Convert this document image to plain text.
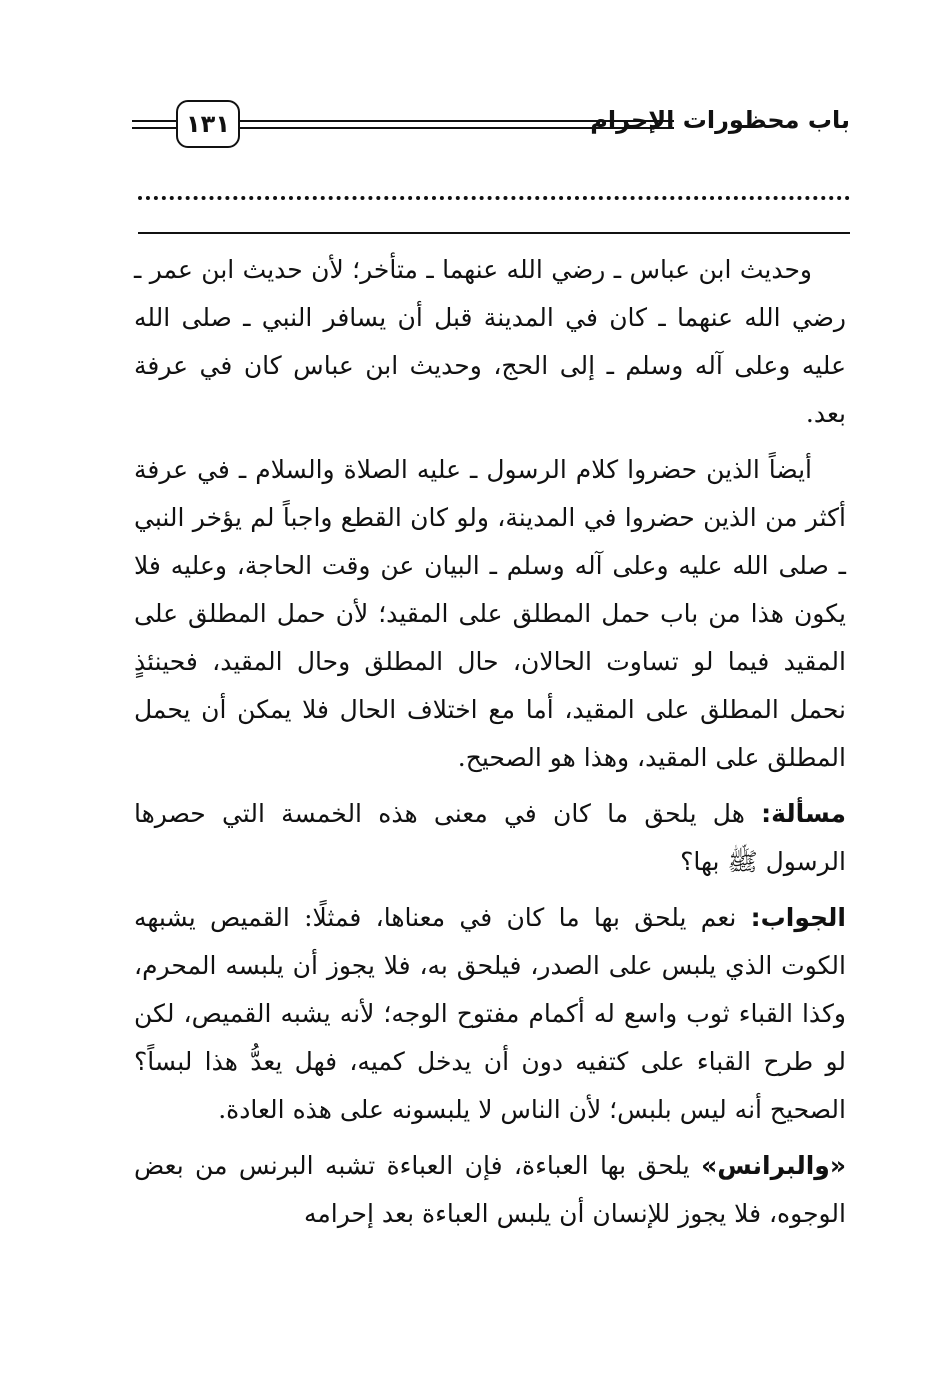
١٣١	باب محظورات الإحرام

وحديث ابن عباس ـ رضي الله عنهما ـ متأخر؛ لأن حديث ابن عمر ـ رضي الله عنهما ـ كان في المدينة قبل أن يسافر النبي ـ صلى الله عليه وعلى آله وسلم ـ إلى الحج، وحديث ابن عباس كان في عرفة بعد.

أيضاً الذين حضروا كلام الرسول ـ عليه الصلاة والسلام ـ في عرفة أكثر من الذين حضروا في المدينة، ولو كان القطع واجباً لم يؤخر النبي ـ صلى الله عليه وعلى آله وسلم ـ البيان عن وقت الحاجة، وعليه فلا يكون هذا من باب حمل المطلق على المقيد؛ لأن حمل المطلق على المقيد فيما لو تساوت الحالان، حال المطلق وحال المقيد، فحينئذٍ نحمل المطلق على المقيد، أما مع اختلاف الحال فلا يمكن أن يحمل المطلق على المقيد، وهذا هو الصحيح.

مسألة: هل يلحق ما كان في معنى هذه الخمسة التي حصرها الرسول ﷺ بها؟

الجواب: نعم يلحق بها ما كان في معناها، فمثلًا: القميص يشبهه الكوت الذي يلبس على الصدر، فيلحق به، فلا يجوز أن يلبسه المحرم، وكذا القباء ثوب واسع له أكمام مفتوح الوجه؛ لأنه يشبه القميص، لكن لو طرح القباء على كتفيه دون أن يدخل كميه، فهل يعدُّ هذا لبساً؟ الصحيح أنه ليس بلبس؛ لأن الناس لا يلبسونه على هذه العادة.

«والبرانس» يلحق بها العباءة، فإن العباءة تشبه البرنس من بعض الوجوه، فلا يجوز للإنسان أن يلبس العباءة بعد إحرامه
